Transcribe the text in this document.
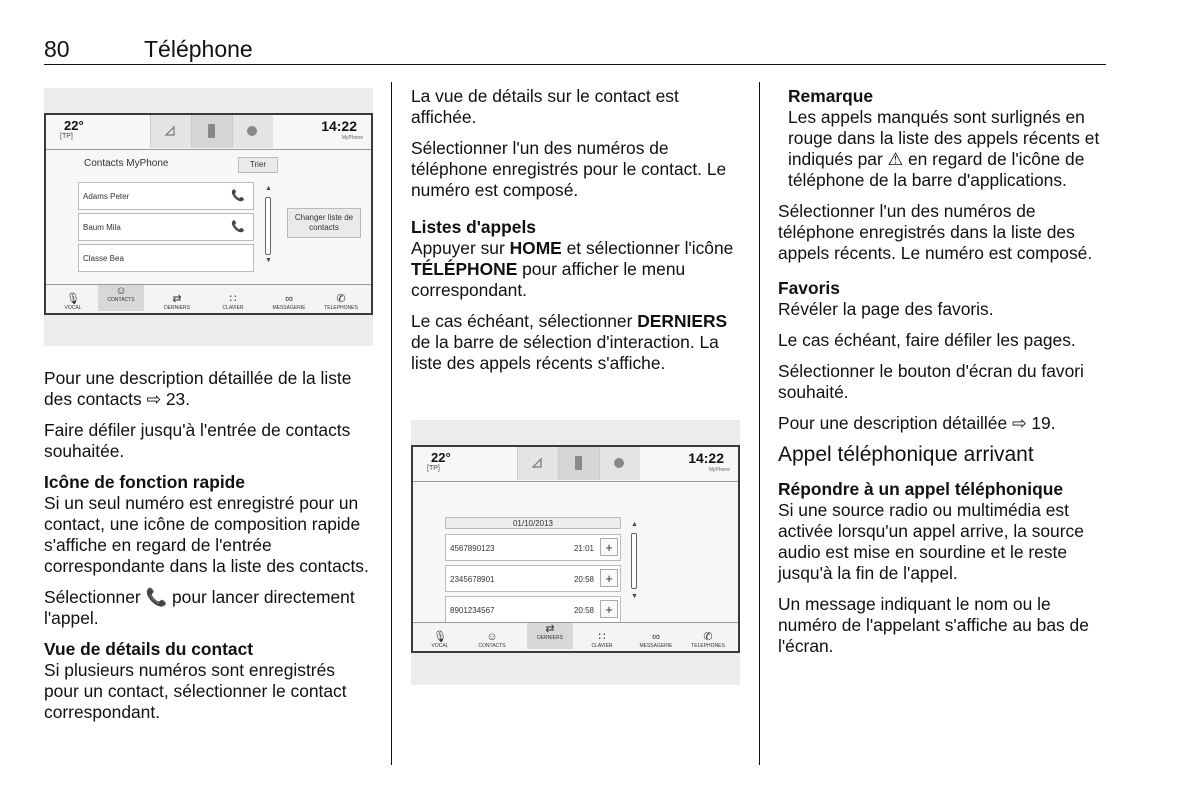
80	Téléphone
22°
[TP]
14:22
MyPhone
Contacts MyPhone	Trier
Adams Peter	📞
Baum Mila	📞
Classe Bea
▲
▼
Changer liste de contacts
🎙
VOCAL
☺
CONTACTS	⇄
DERNIERS
∷
CLAVIER
∞
MESSAGERIE
✆
TELEPHONES
22°
[TP]
14:22
MyPhone
01/10/2013
4567890123	21:01 +
2345678901	20:58 +
8901234567	20:58 +
▲
▼
🎙
VOCAL
☺
CONTACTS
⇄
DERNIERS	∷
CLAVIER
∞
MESSAGERIE
✆
TELEPHONES

Pour une description détaillée de la liste des contacts ⇨ 23.

Faire défiler jusqu'à l'entrée de contacts souhaitée.

Icône de fonction rapide

Si un seul numéro est enregistré pour un contact, une icône de composition rapide s'affiche en regard de l'entrée correspondante dans la liste des contacts.

Sélectionner 📞 pour lancer directement l'appel.

Vue de détails du contact

Si plusieurs numéros sont enregistrés pour un contact, sélectionner le contact correspondant.

La vue de détails sur le contact est affichée.

Sélectionner l'un des numéros de téléphone enregistrés pour le contact. Le numéro est composé.

Listes d'appels

Appuyer sur HOME et sélectionner l'icône TÉLÉPHONE pour afficher le menu correspondant.

Le cas échéant, sélectionner DERNIERS de la barre de sélection d'interaction. La liste des appels récents s'affiche.

Remarque

Les appels manqués sont surlignés en rouge dans la liste des appels récents et indiqués par ⚠ en regard de l'icône de téléphone de la barre d'applications.

Sélectionner l'un des numéros de téléphone enregistrés dans la liste des appels récents. Le numéro est composé.

Favoris

Révéler la page des favoris.

Le cas échéant, faire défiler les pages.

Sélectionner le bouton d'écran du favori souhaité.

Pour une description détaillée ⇨ 19.

Appel téléphonique arrivant
Répondre à un appel téléphonique

Si une source radio ou multimédia est activée lorsqu'un appel arrive, la source audio est mise en sourdine et le reste jusqu'à la fin de l'appel.

Un message indiquant le nom ou le numéro de l'appelant s'affiche au bas de l'écran.
